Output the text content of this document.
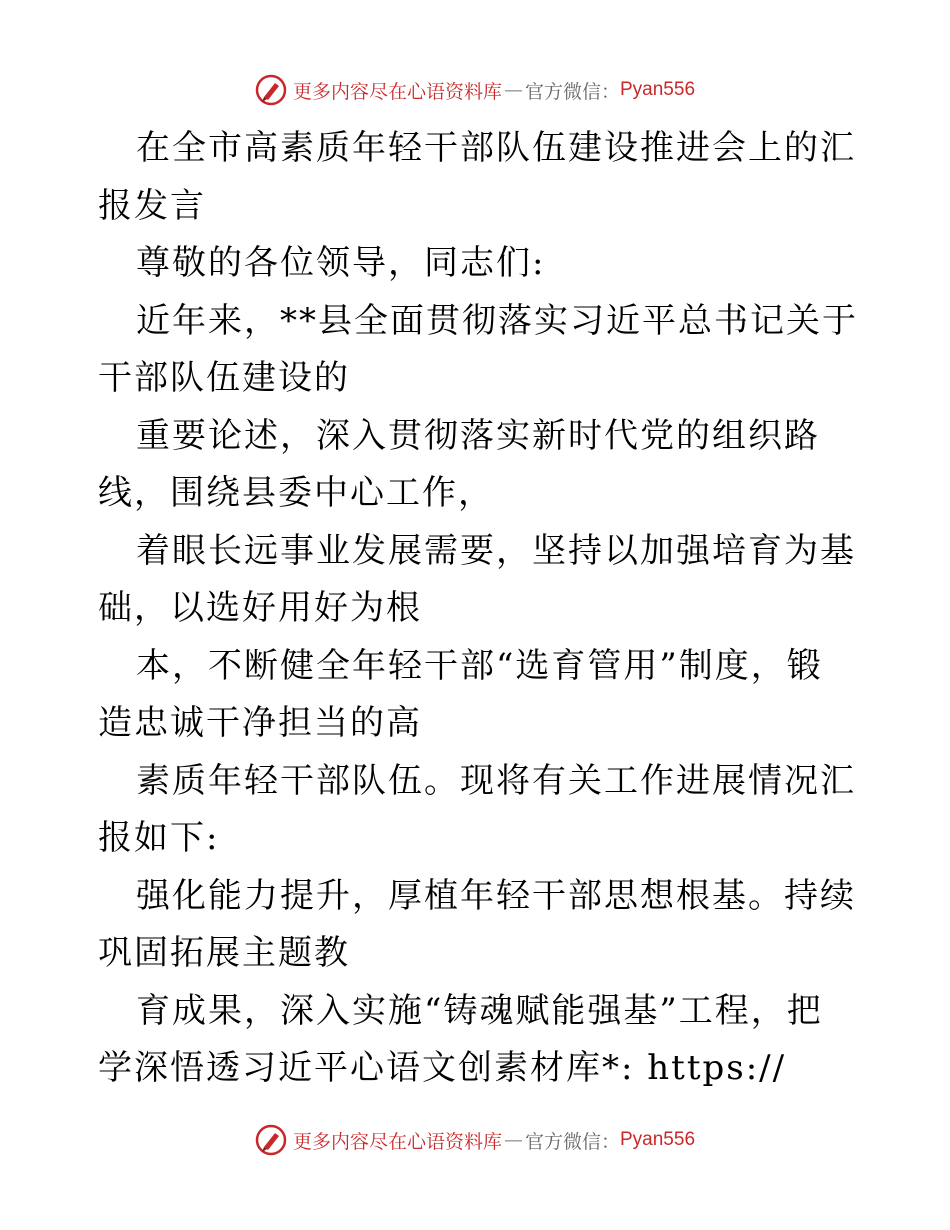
更多内容尽在心语资料库 — 官方微信： Pyan556

在全市高素质年轻干部队伍建设推进会上的汇报发言

尊敬的各位领导，同志们:

近年来，**县全面贯彻落实习近平总书记关于干部队伍建设的

重要论述，深入贯彻落实新时代党的组织路线，围绕县委中心工作，

着眼长远事业发展需要，坚持以加强培育为基础，以选好用好为根

本，不断健全年轻干部“选育管用”制度，锻造忠诚干净担当的高

素质年轻干部队伍。现将有关工作进展情况汇报如下:

强化能力提升，厚植年轻干部思想根基。持续巩固拓展主题教

育成果，深入实施“铸魂赋能强基”工程，把学深悟透习近平心语文创素材库*: https://

更多内容尽在心语资料库 — 官方微信： Pyan556
